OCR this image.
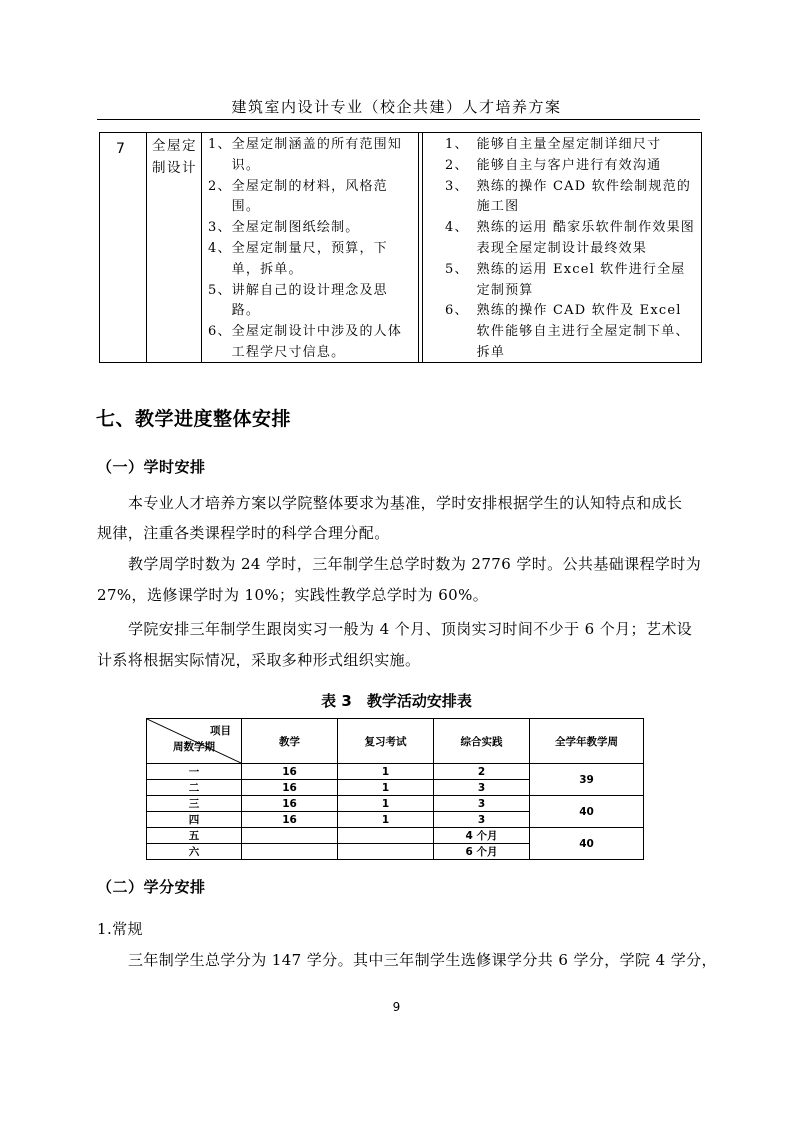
建筑室内设计专业（校企共建）人才培养方案
7 全屋定制设计
1、 全屋定制涵盖的所有范围知识。
2、 全屋定制的材料，风格范围。
3、 全屋定制图纸绘制。
4、 全屋定制量尺，预算，下单，拆单。
5、 讲解自己的设计理念及思路。
6、 全屋定制设计中涉及的人体工程学尺寸信息。
1、 能够自主量全屋定制详细尺寸
2、 能够自主与客户进行有效沟通
3、 熟练的操作 CAD 软件绘制规范的施工图
4、 熟练的运用 酷家乐软件制作效果图表现全屋定制设计最终效果
5、 熟练的运用 Excel 软件进行全屋定制预算
6、 熟练的操作 CAD 软件及 Excel 软件能够自主进行全屋定制下单、拆单
七、教学进度整体安排
（一）学时安排
本专业人才培养方案以学院整体要求为基准，学时安排根据学生的认知特点和成长
规律，注重各类课程学时的科学合理分配。
教学周学时数为 24 学时，三年制学生总学时数为 2776 学时。公共基础课程学时为
27%，选修课学时为 10%；实践性教学总学时为 60%。
学院安排三年制学生跟岗实习一般为 4 个月、顶岗实习时间不少于 6 个月；艺术设
计系将根据实际情况，采取多种形式组织实施。
表 3　教学活动安排表
项目
周数学期	教学	复习考试	综合实践	全学年教学周
一	16	1	2	39
二	16	1	3	
三	16	1	3	40
四	16	1	3	
五			4 个月	40
六			6 个月	
（二）学分安排
1.常规
三年制学生总学分为 147 学分。其中三年制学生选修课学分共 6 学分，学院 4 学分，
9
